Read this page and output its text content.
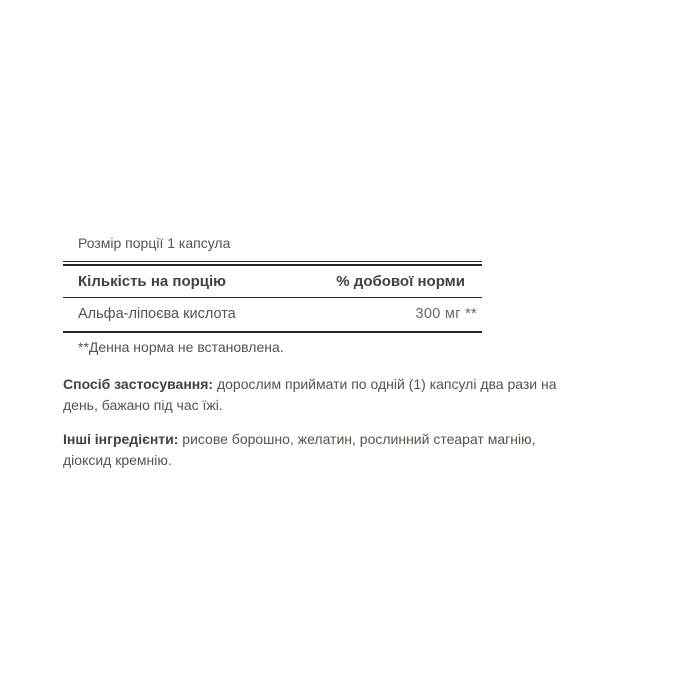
Розмір порції 1 капсула
Кількість на порцію	% добової норми
Альфа-ліпоєва кислота	300 мг **
**Денна норма не встановлена.

Спосіб застосування: дорослим приймати по одній (1) капсулі два рази на день, бажано під час їжі.

Інші інгредієнти: рисове борошно, желатин, рослинний стеарат магнію, діоксид кремнію.
